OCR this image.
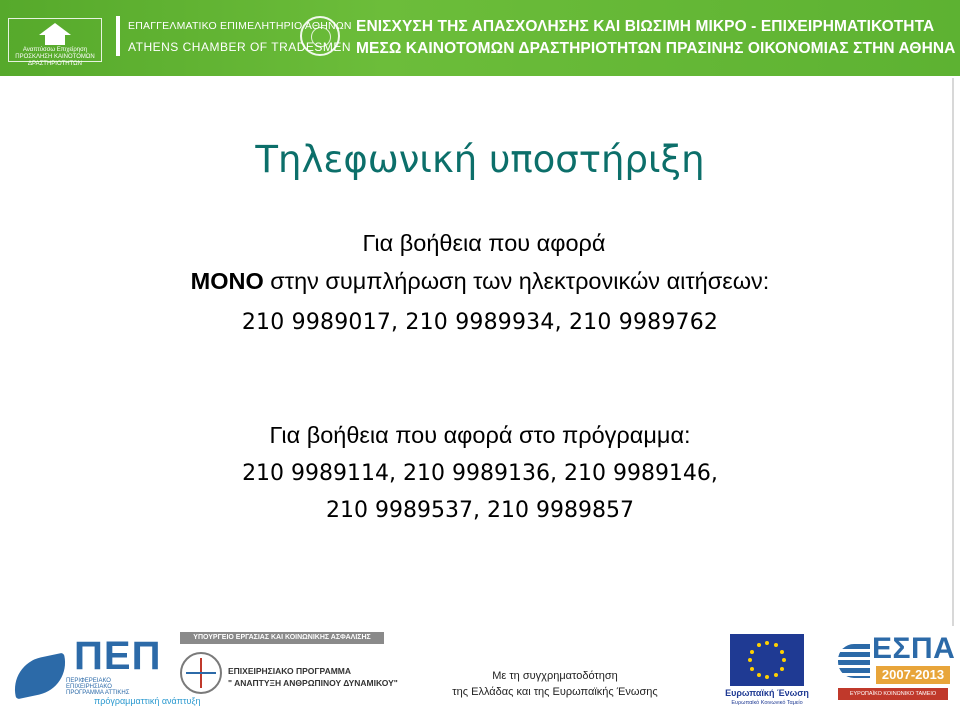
Αναπτύσσω Επιχείρηση ΠΡΟΣΚΛΗΣΗ ΚΑΙΝΟΤΟΜΩΝ ΔΡΑΣΤΗΡΙΟΤΗΤΩΝ
ΕΠΑΓΓΕΛΜΑΤΙΚΟ ΕΠΙΜΕΛΗΤΗΡΙΟ ΑΘΗΝΩΝ
ATHENS CHAMBER OF TRADESMEN
ΕΝΙΣΧΥΣΗ ΤΗΣ ΑΠΑΣΧΟΛΗΣΗΣ ΚΑΙ ΒΙΩΣΙΜΗ ΜΙΚΡΟ - ΕΠΙΧΕΙΡΗΜΑΤΙΚΟΤΗΤΑ
ΜΕΣΩ ΚΑΙΝΟΤΟΜΩΝ ΔΡΑΣΤΗΡΙΟΤΗΤΩΝ ΠΡΑΣΙΝΗΣ ΟΙΚΟΝΟΜΙΑΣ ΣΤΗΝ ΑΘΗΝΑ
Τηλεφωνική υποστήριξη
Για βοήθεια που αφορά
ΜΟΝΟ στην συμπλήρωση των ηλεκτρονικών αιτήσεων:
210 9989017, 210 9989934, 210 9989762
Για βοήθεια που αφορά στο πρόγραμμα:
210 9989114, 210 9989136, 210 9989146,
210 9989537, 210 9989857
ΠΕΠ
ΠΕΡΙΦΕΡΕΙΑΚΟ ΕΠΙΧΕΙΡΗΣΙΑΚΟ ΠΡΟΓΡΑΜΜΑ ΑΤΤΙΚΗΣ
πρόγραμματτική ανάπτυξη
ΥΠΟΥΡΓΕΙΟ ΕΡΓΑΣΙΑΣ ΚΑΙ ΚΟΙΝΩΝΙΚΗΣ ΑΣΦΑΛΙΣΗΣ
ΕΠΙΧΕΙΡΗΣΙΑΚΟ ΠΡΟΓΡΑΜΜΑ
" ΑΝΑΠΤΥΞΗ ΑΝΘΡΩΠΙΝΟΥ ΔΥΝΑΜΙΚΟΥ"
Με τη συγχρηματοδότηση
της Ελλάδας και της Ευρωπαϊκής Ένωσης	Ευρωπαϊκή Ένωση
Ευρωπαϊκό Κοινωνικό Ταμείο
ΕΣΠΑ
2007-2013
ΕΥΡΩΠΑΪΚΟ ΚΟΙΝΩΝΙΚΟ ΤΑΜΕΙΟ
